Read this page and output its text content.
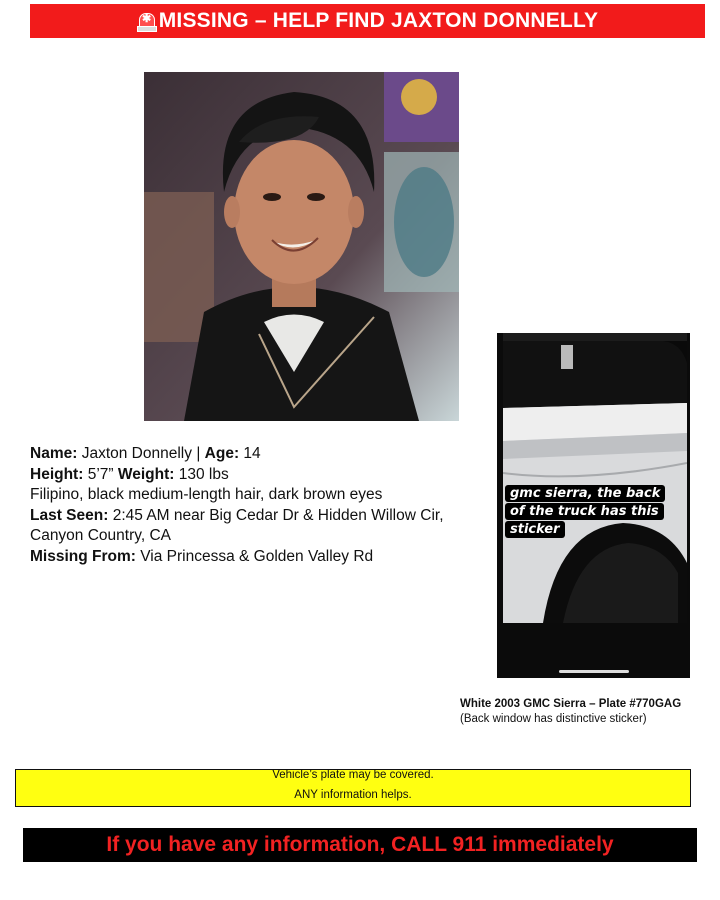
✱ MISSING – HELP FIND JAXTON DONNELLY
Name: Jaxton Donnelly | Age: 14
Height: 5’7” Weight: 130 lbs
Filipino, black medium-length hair, dark brown eyes
Last Seen: 2:45 AM near Big Cedar Dr & Hidden Willow Cir,
Canyon Country, CA
Missing From: Via Princessa & Golden Valley Rd
gmc sierra, the back
of the truck has this
sticker
White 2003 GMC Sierra – Plate #770GAG
(Back window has distinctive sticker)
Vehicle’s plate may be covered.
ANY information helps.
If you have any information, CALL 911 immediately
